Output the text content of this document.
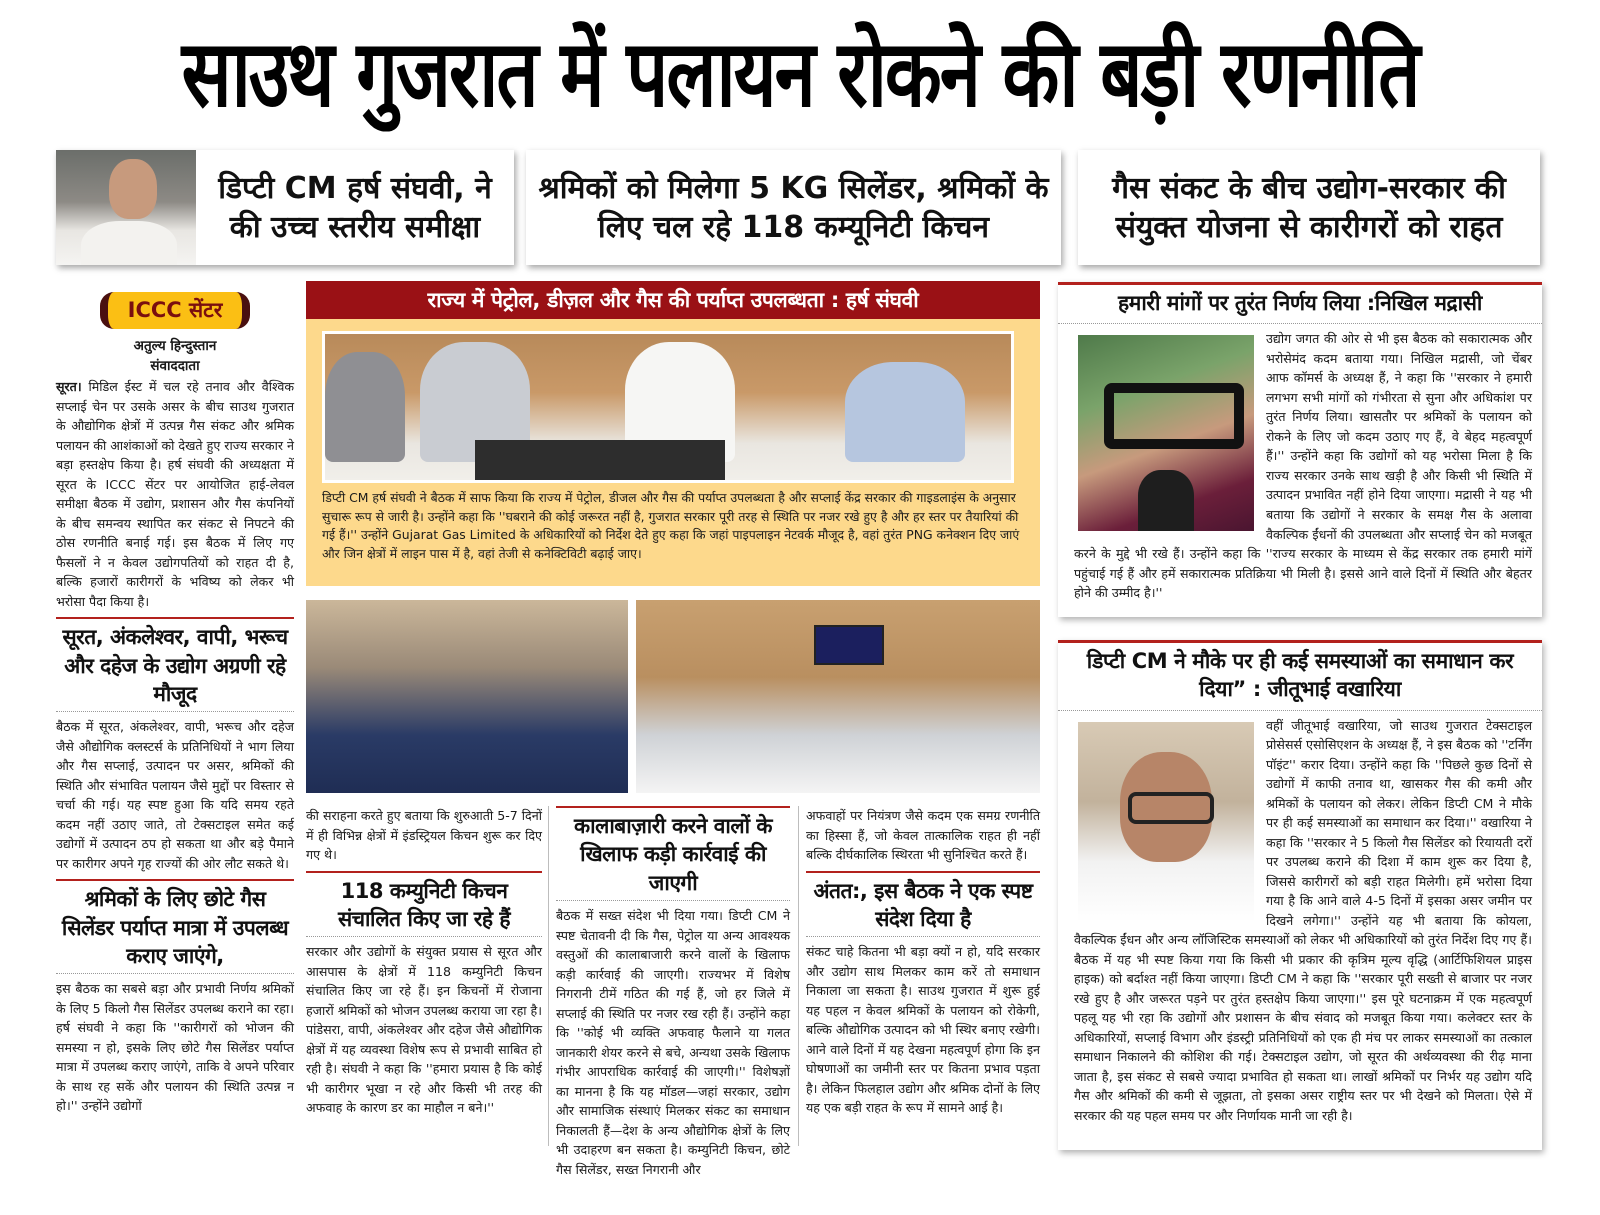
साउथ गुजरात में पलायन रोकने की बड़ी रणनीति
डिप्टी CM हर्ष संघवी, ने की उच्च स्तरीय समीक्षा
श्रमिकों को मिलेगा 5 KG सिलेंडर, श्रमिकों के लिए चल रहे 118 कम्यूनिटी किचन
गैस संकट के बीच उद्योग-सरकार की संयुक्त योजना से कारीगरों को राहत
ICCC सेंटर
अतुल्य हिन्दुस्तान
संवाददाता

सूरत। मिडिल ईस्ट में चल रहे तनाव और वैश्विक सप्लाई चेन पर उसके असर के बीच साउथ गुजरात के औद्योगिक क्षेत्रों में उत्पन्न गैस संकट और श्रमिक पलायन की आशंकाओं को देखते हुए राज्य सरकार ने बड़ा हस्तक्षेप किया है। हर्ष संघवी की अध्यक्षता में सूरत के ICCC सेंटर पर आयोजित हाई-लेवल समीक्षा बैठक में उद्योग, प्रशासन और गैस कंपनियों के बीच समन्वय स्थापित कर संकट से निपटने की ठोस रणनीति बनाई गई। इस बैठक में लिए गए फैसलों ने न केवल उद्योगपतियों को राहत दी है, बल्कि हजारों कारीगरों के भविष्य को लेकर भी भरोसा पैदा किया है।

सूरत, अंकलेश्वर, वापी, भरूच और दहेज के उद्योग अग्रणी रहे मौजूद

बैठक में सूरत, अंकलेश्वर, वापी, भरूच और दहेज जैसे औद्योगिक क्लस्टर्स के प्रतिनिधियों ने भाग लिया और गैस सप्लाई, उत्पादन पर असर, श्रमिकों की स्थिति और संभावित पलायन जैसे मुद्दों पर विस्तार से चर्चा की गई। यह स्पष्ट हुआ कि यदि समय रहते कदम नहीं उठाए जाते, तो टेक्सटाइल समेत कई उद्योगों में उत्पादन ठप हो सकता था और बड़े पैमाने पर कारीगर अपने गृह राज्यों की ओर लौट सकते थे।

श्रमिकों के लिए छोटे गैस सिलेंडर पर्याप्त मात्रा में उपलब्ध कराए जाएंगे,

इस बैठक का सबसे बड़ा और प्रभावी निर्णय श्रमिकों के लिए 5 किलो गैस सिलेंडर उपलब्ध कराने का रहा। हर्ष संघवी ने कहा कि ''कारीगरों को भोजन की समस्या न हो, इसके लिए छोटे गैस सिलेंडर पर्याप्त मात्रा में उपलब्ध कराए जाएंगे, ताकि वे अपने परिवार के साथ रह सकें और पलायन की स्थिति उत्पन्न न हो।'' उन्होंने उद्योगों

राज्य में पेट्रोल, डीज़ल और गैस की पर्याप्त उपलब्धता : हर्ष संघवी
डिप्टी CM हर्ष संघवी ने बैठक में साफ किया कि राज्य में पेट्रोल, डीजल और गैस की पर्याप्त उपलब्धता है और सप्लाई केंद्र सरकार की गाइडलाइंस के अनुसार सुचारू रूप से जारी है। उन्होंने कहा कि ''घबराने की कोई जरूरत नहीं है, गुजरात सरकार पूरी तरह से स्थिति पर नजर रखे हुए है और हर स्तर पर तैयारियां की गई हैं।'' उन्होंने Gujarat Gas Limited के अधिकारियों को निर्देश देते हुए कहा कि जहां पाइपलाइन नेटवर्क मौजूद है, वहां तुरंत PNG कनेक्शन दिए जाएं और जिन क्षेत्रों में लाइन पास में है, वहां तेजी से कनेक्टिविटी बढ़ाई जाए।

की सराहना करते हुए बताया कि शुरुआती 5-7 दिनों में ही विभिन्न क्षेत्रों में इंडस्ट्रियल किचन शुरू कर दिए गए थे।

118 कम्युनिटी किचन संचालित किए जा रहे हैं

सरकार और उद्योगों के संयुक्त प्रयास से सूरत और आसपास के क्षेत्रों में 118 कम्युनिटी किचन संचालित किए जा रहे हैं। इन किचनों में रोजाना हजारों श्रमिकों को भोजन उपलब्ध कराया जा रहा है। पांडेसरा, वापी, अंकलेश्वर और दहेज जैसे औद्योगिक क्षेत्रों में यह व्यवस्था विशेष रूप से प्रभावी साबित हो रही है। संघवी ने कहा कि ''हमारा प्रयास है कि कोई भी कारीगर भूखा न रहे और किसी भी तरह की अफवाह के कारण डर का माहौल न बने।''

कालाबाज़ारी करने वालों के खिलाफ कड़ी कार्रवाई की जाएगी

बैठक में सख्त संदेश भी दिया गया। डिप्टी CM ने स्पष्ट चेतावनी दी कि गैस, पेट्रोल या अन्य आवश्यक वस्तुओं की कालाबाजारी करने वालों के खिलाफ कड़ी कार्रवाई की जाएगी। राज्यभर में विशेष निगरानी टीमें गठित की गई हैं, जो हर जिले में सप्लाई की स्थिति पर नजर रख रही हैं। उन्होंने कहा कि ''कोई भी व्यक्ति अफवाह फैलाने या गलत जानकारी शेयर करने से बचे, अन्यथा उसके खिलाफ गंभीर आपराधिक कार्रवाई की जाएगी।'' विशेषज्ञों का मानना है कि यह मॉडल—जहां सरकार, उद्योग और सामाजिक संस्थाएं मिलकर संकट का समाधान निकालती हैं—देश के अन्य औद्योगिक क्षेत्रों के लिए भी उदाहरण बन सकता है। कम्युनिटी किचन, छोटे गैस सिलेंडर, सख्त निगरानी और

अफवाहों पर नियंत्रण जैसे कदम एक समग्र रणनीति का हिस्सा हैं, जो केवल तात्कालिक राहत ही नहीं बल्कि दीर्घकालिक स्थिरता भी सुनिश्चित करते हैं।

अंतत:, इस बैठक ने एक स्पष्ट संदेश दिया है

संकट चाहे कितना भी बड़ा क्यों न हो, यदि सरकार और उद्योग साथ मिलकर काम करें तो समाधान निकाला जा सकता है। साउथ गुजरात में शुरू हुई यह पहल न केवल श्रमिकों के पलायन को रोकेगी, बल्कि औद्योगिक उत्पादन को भी स्थिर बनाए रखेगी। आने वाले दिनों में यह देखना महत्वपूर्ण होगा कि इन घोषणाओं का जमीनी स्तर पर कितना प्रभाव पड़ता है। लेकिन फिलहाल उद्योग और श्रमिक दोनों के लिए यह एक बड़ी राहत के रूप में सामने आई है।

हमारी मांगों पर तुरंत निर्णय लिया :निखिल मद्रासी

उद्योग जगत की ओर से भी इस बैठक को सकारात्मक और भरोसेमंद कदम बताया गया। निखिल मद्रासी, जो चेंबर आफ कॉमर्स के अध्यक्ष हैं, ने कहा कि ''सरकार ने हमारी लगभग सभी मांगों को गंभीरता से सुना और अधिकांश पर तुरंत निर्णय लिया। खासतौर पर श्रमिकों के पलायन को रोकने के लिए जो कदम उठाए गए हैं, वे बेहद महत्वपूर्ण हैं।'' उन्होंने कहा कि उद्योगों को यह भरोसा मिला है कि राज्य सरकार उनके साथ खड़ी है और किसी भी स्थिति में उत्पादन प्रभावित नहीं होने दिया जाएगा। मद्रासी ने यह भी बताया कि उद्योगों ने सरकार के समक्ष गैस के अलावा वैकल्पिक ईंधनों की उपलब्धता और सप्लाई चेन को मजबूत करने के मुद्दे भी रखे हैं। उन्होंने कहा कि ''राज्य सरकार के माध्यम से केंद्र सरकार तक हमारी मांगें पहुंचाई गई हैं और हमें सकारात्मक प्रतिक्रिया भी मिली है। इससे आने वाले दिनों में स्थिति और बेहतर होने की उम्मीद है।''

डिप्टी CM ने मौके पर ही कई समस्याओं का समाधान कर दिया” : जीतूभाई वखारिया

वहीं जीतूभाई वखारिया, जो साउथ गुजरात टेक्सटाइल प्रोसेसर्स एसोसिएशन के अध्यक्ष हैं, ने इस बैठक को ''टर्निंग पॉइंट'' करार दिया। उन्होंने कहा कि ''पिछले कुछ दिनों से उद्योगों में काफी तनाव था, खासकर गैस की कमी और श्रमिकों के पलायन को लेकर। लेकिन डिप्टी CM ने मौके पर ही कई समस्याओं का समाधान कर दिया।'' वखारिया ने कहा कि ''सरकार ने 5 किलो गैस सिलेंडर को रियायती दरों पर उपलब्ध कराने की दिशा में काम शुरू कर दिया है, जिससे कारीगरों को बड़ी राहत मिलेगी। हमें भरोसा दिया गया है कि आने वाले 4-5 दिनों में इसका असर जमीन पर दिखने लगेगा।'' उन्होंने यह भी बताया कि कोयला, वैकल्पिक ईंधन और अन्य लॉजिस्टिक समस्याओं को लेकर भी अधिकारियों को तुरंत निर्देश दिए गए हैं। बैठक में यह भी स्पष्ट किया गया कि किसी भी प्रकार की कृत्रिम मूल्य वृद्धि (आर्टिफिशियल प्राइस हाइक) को बर्दाश्त नहीं किया जाएगा। डिप्टी CM ने कहा कि ''सरकार पूरी सख्ती से बाजार पर नजर रखे हुए है और जरूरत पड़ने पर तुरंत हस्तक्षेप किया जाएगा।'' इस पूरे घटनाक्रम में एक महत्वपूर्ण पहलू यह भी रहा कि उद्योगों और प्रशासन के बीच संवाद को मजबूत किया गया। कलेक्टर स्तर के अधिकारियों, सप्लाई विभाग और इंडस्ट्री प्रतिनिधियों को एक ही मंच पर लाकर समस्याओं का तत्काल समाधान निकालने की कोशिश की गई। टेक्सटाइल उद्योग, जो सूरत की अर्थव्यवस्था की रीढ़ माना जाता है, इस संकट से सबसे ज्यादा प्रभावित हो सकता था। लाखों श्रमिकों पर निर्भर यह उद्योग यदि गैस और श्रमिकों की कमी से जूझता, तो इसका असर राष्ट्रीय स्तर पर भी देखने को मिलता। ऐसे में सरकार की यह पहल समय पर और निर्णायक मानी जा रही है।
